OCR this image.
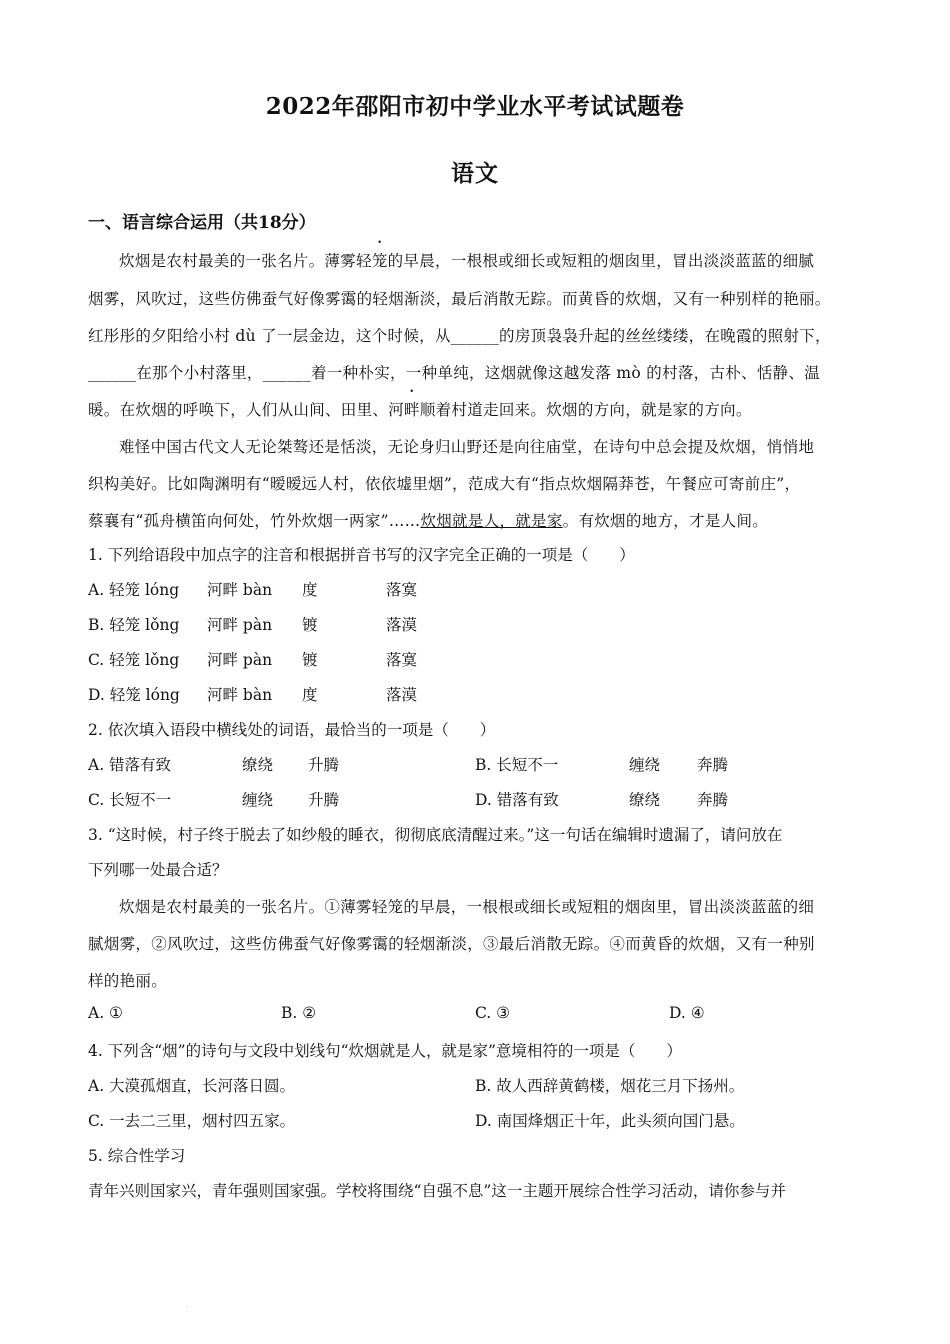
2022年邵阳市初中学业水平考试试题卷
语文
一、语言综合运用（共18分）
炊烟是农村最美的一张名片。薄雾轻笼的早晨，一根根或细长或短粗的烟囱里，冒出淡淡蓝蓝的细腻
烟雾，风吹过，这些仿佛蚕气好像雾霭的轻烟渐淡，最后消散无踪。而黄昏的炊烟，又有一种别样的艳丽。
红彤彤的夕阳给小村 dù 了一层金边，这个时候，从______的房顶袅袅升起的丝丝缕缕，在晚霞的照射下，
______在那个小村落里，______着一种朴实，一种单纯，这烟就像这越发落 mò 的村落，古朴、恬静、温
暖。在炊烟的呼唤下，人们从山间、田里、河畔顺着村道走回来。炊烟的方向，就是家的方向。
难怪中国古代文人无论桀骜还是恬淡，无论身归山野还是向往庙堂，在诗句中总会提及炊烟，悄悄地
织构美好。比如陶渊明有“暧暧远人村，依依墟里烟”，范成大有“指点炊烟隔莽苍，午餐应可寄前庄”，
蔡襄有“孤舟横笛向何处，竹外炊烟一两家”……炊烟就是人，就是家。有炊烟的地方，才是人间。
1. 下列给语段中加点字的注音和根据拼音书写的汉字完全正确的一项是（　　）
A. 轻笼 lóng 河畔 bàn 度	落寞
B. 轻笼 lǒng 河畔 pàn 镀	落漠
C. 轻笼 lǒng 河畔 pàn 镀	落寞
D. 轻笼 lóng 河畔 bàn 度	落漠
2. 依次填入语段中横线处的词语，最恰当的一项是（　　）
A. 错落有致	缭绕 升腾	B. 长短不一	缠绕 奔腾
C. 长短不一	缠绕 升腾	D. 错落有致	缭绕 奔腾
3. “这时候，村子终于脱去了如纱般的睡衣，彻彻底底清醒过来。”这一句话在编辑时遗漏了，请问放在
下列哪一处最合适？
炊烟是农村最美的一张名片。①薄雾轻笼的早晨，一根根或细长或短粗的烟囱里，冒出淡淡蓝蓝的细
腻烟雾，②风吹过，这些仿佛蚕气好像雾霭的轻烟渐淡，③最后消散无踪。④而黄昏的炊烟，又有一种别
样的艳丽。
A. ①	B. ②	C. ③	D. ④
4. 下列含“烟”的诗句与文段中划线句“炊烟就是人，就是家”意境相符的一项是（　　）
A. 大漠孤烟直，长河落日圆。	B. 故人西辞黄鹤楼，烟花三月下扬州。
C. 一去二三里，烟村四五家。	D. 南国烽烟正十年，此头须向国门悬。
5. 综合性学习
青年兴则国家兴，青年强则国家强。学校将围绕“自强不息”这一主题开展综合性学习活动，请你参与并
.
